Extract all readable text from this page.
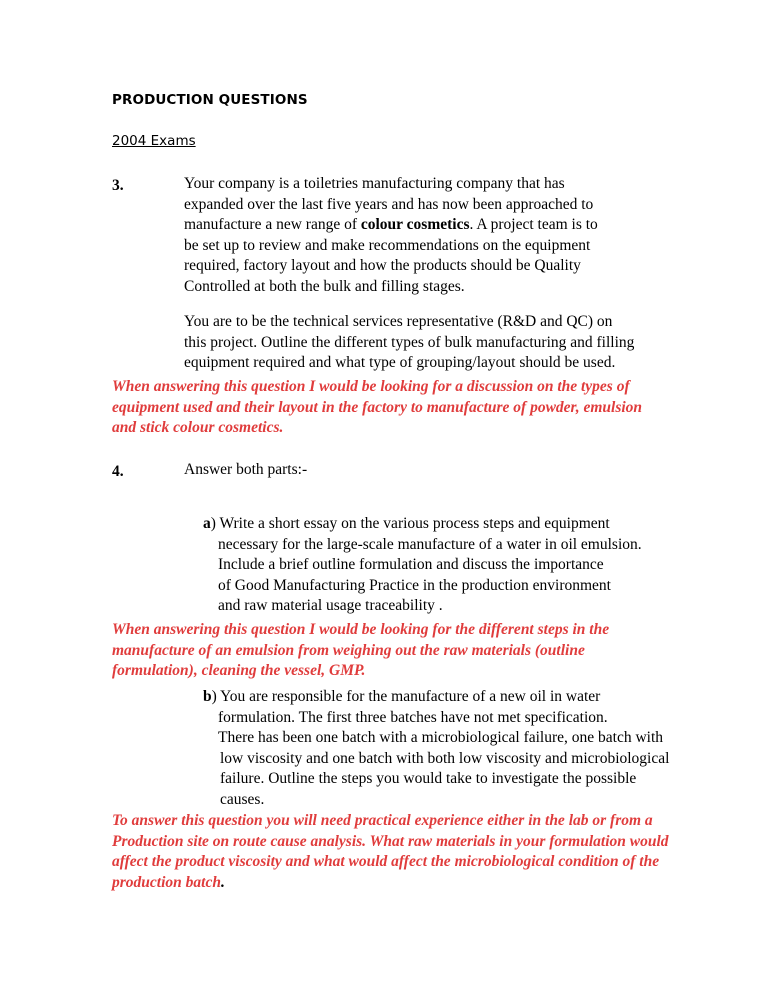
PRODUCTION QUESTIONS
2004 Exams
3.	Your company is a toiletries manufacturing company that has
expanded over the last five years and has now been approached to
manufacture a new range of colour cosmetics. A project team is to
be set up to review and make recommendations on the equipment
required, factory layout and how the products should be Quality
Controlled at both the bulk and filling stages.
You are to be the technical services representative (R&D and QC) on
this project. Outline the different types of bulk manufacturing and filling
equipment required and what type of grouping/layout should be used.
When answering this question I would be looking for a discussion on the types of
equipment used and their layout in the factory to manufacture of powder, emulsion
and stick colour cosmetics.
4.	Answer both parts:-
a) Write a short essay on the various process steps and equipment
necessary for the large-scale manufacture of a water in oil emulsion.
Include a brief outline formulation and discuss the importance
of Good Manufacturing Practice in the production environment
and raw material usage traceability .
When answering this question I would be looking for the different steps in the
manufacture of an emulsion from weighing out the raw materials (outline
formulation), cleaning the vessel, GMP.
b) You are responsible for the manufacture of a new oil in water
formulation. The first three batches have not met specification.
There has been one batch with a microbiological failure, one batch with
low viscosity and one batch with both low viscosity and microbiological
failure. Outline the steps you would take to investigate the possible
causes.
To answer this question you will need practical experience either in the lab or from a
Production site on route cause analysis. What raw materials in your formulation would
affect the product viscosity and what would affect the microbiological condition of the
production batch.
